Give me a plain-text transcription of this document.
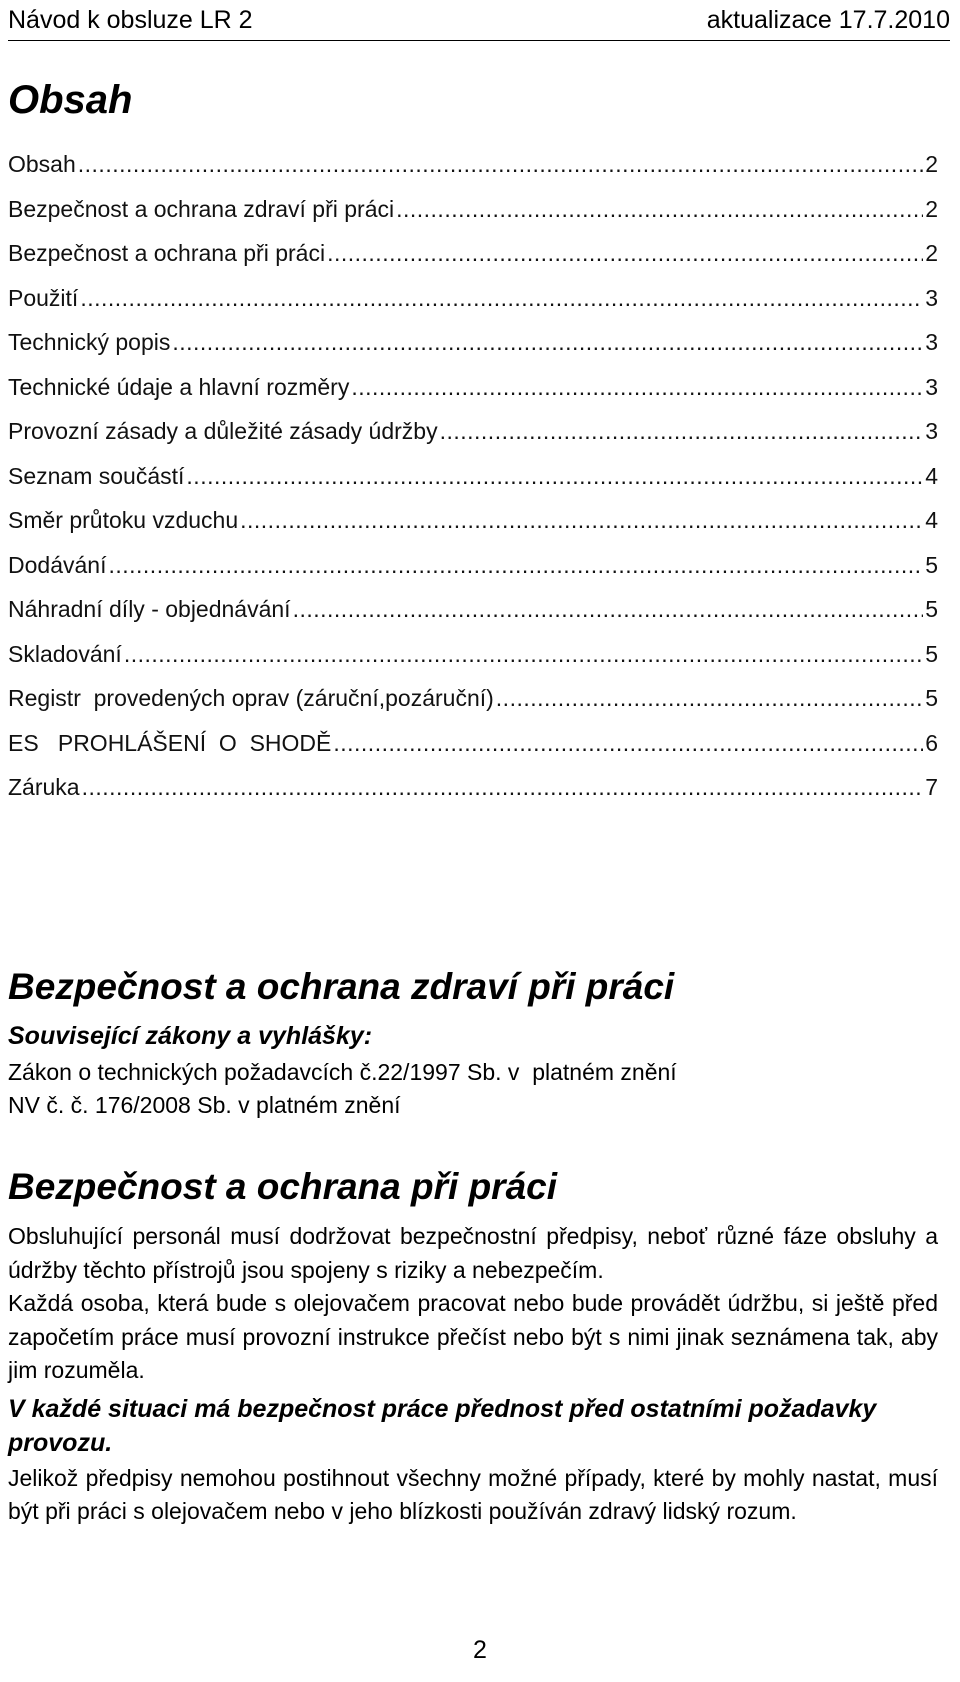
Návod k obsluze LR 2	aktualizace 17.7.2010
Obsah
Obsah .....	2
Bezpečnost a ochrana zdraví při práci .....	2
Bezpečnost a ochrana při práci .....	2
Použití .....	3
Technický popis .....	3
Technické údaje a hlavní rozměry .....	3
Provozní zásady a důležité zásady údržby .....	3
Seznam součástí .....	4
Směr průtoku vzduchu .....	4
Dodávání .....	5
Náhradní díly - objednávání .....	5
Skladování .....	5
Registr  provedených oprav (záruční,pozáruční) .....	5
ES   PROHLÁŠENÍ  O  SHODĚ .....	6
Záruka .....	7
Bezpečnost a ochrana zdraví při práci
Související zákony a vyhlášky:
Zákon o technických požadavcích č.22/1997 Sb. v  platném znění
NV č. č. 176/2008 Sb. v platném znění
Bezpečnost a ochrana při práci

Obsluhující personál musí dodržovat bezpečnostní předpisy, neboť různé fáze obsluhy a údržby těchto přístrojů jsou spojeny s riziky a nebezpečím.

Každá osoba, která bude s olejovačem pracovat nebo bude provádět údržbu, si ještě před započetím práce musí provozní instrukce přečíst nebo být s nimi jinak seznámena tak, aby jim rozuměla.

V každé situaci má bezpečnost práce přednost před ostatními požadavky provozu.

Jelikož předpisy nemohou postihnout všechny možné případy, které by mohly nastat, musí být při práci s olejovačem nebo v jeho blízkosti používán zdravý lidský rozum.

2
